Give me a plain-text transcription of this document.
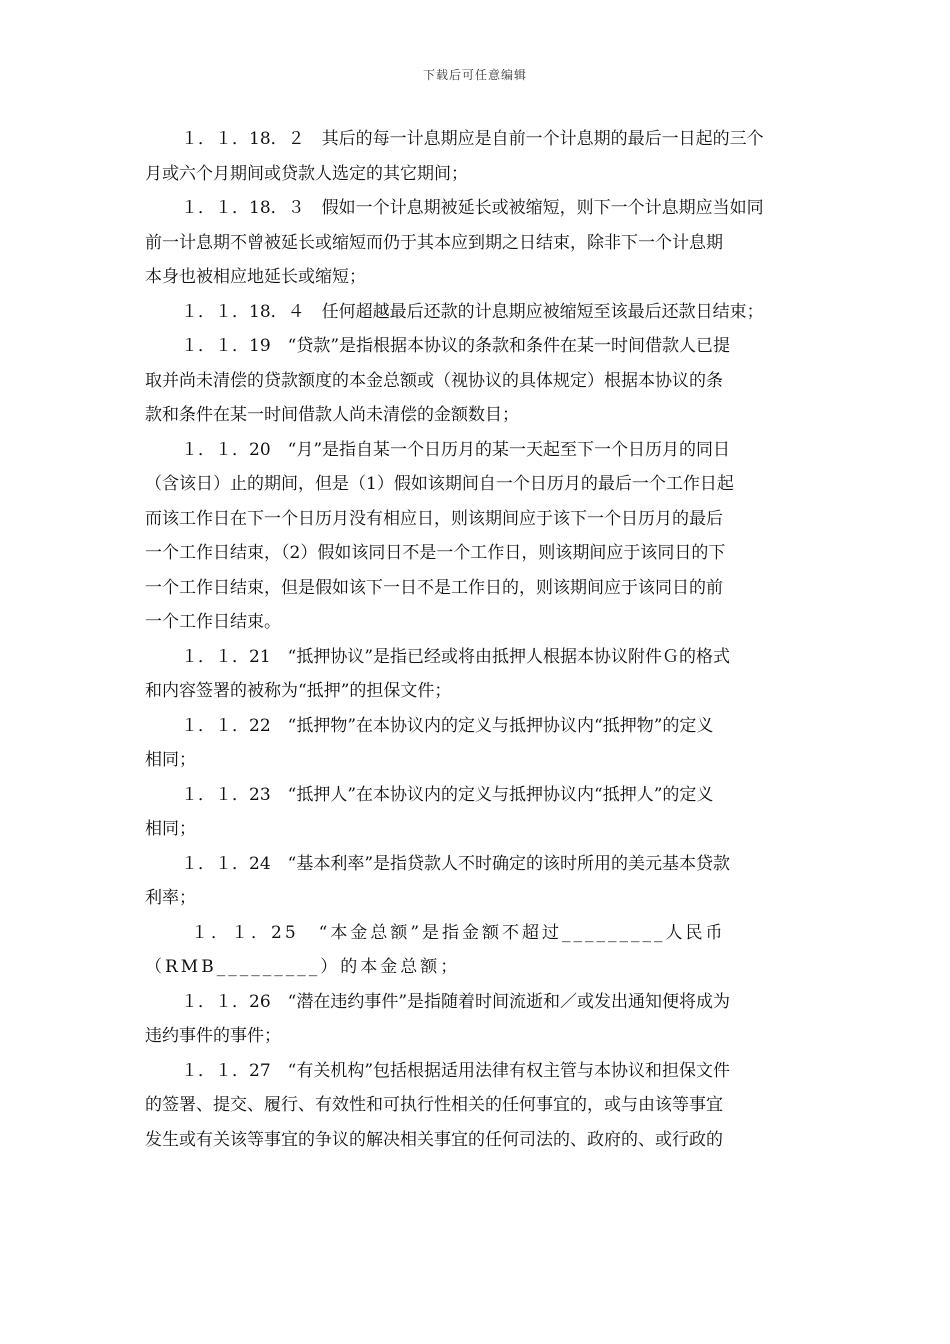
下载后可任意编辑

１．１．18．２　其后的每一计息期应是自前一个计息期的最后一日起的三个
月或六个月期间或贷款人选定的其它期间；

１．１．18．３　假如一个计息期被延长或被缩短，则下一个计息期应当如同
前一计息期不曾被延长或缩短而仍于其本应到期之日结束，除非下一个计息期
本身也被相应地延长或缩短；

１．１．18．４　任何超越最后还款的计息期应被缩短至该最后还款日结束；

１．１．19　“贷款”是指根据本协议的条款和条件在某一时间借款人已提
取并尚未清偿的贷款额度的本金总额或（视协议的具体规定）根据本协议的条
款和条件在某一时间借款人尚未清偿的金额数目；

１．１．20　“月”是指自某一个日历月的某一天起至下一个日历月的同日
（含该日）止的期间，但是（1）假如该期间自一个日历月的最后一个工作日起
而该工作日在下一个日历月没有相应日，则该期间应于该下一个日历月的最后
一个工作日结束，（2）假如该同日不是一个工作日，则该期间应于该同日的下
一个工作日结束，但是假如该下一日不是工作日的，则该期间应于该同日的前
一个工作日结束。

１．１．21　“抵押协议”是指已经或将由抵押人根据本协议附件Ｇ的格式
和内容签署的被称为“抵押”的担保文件；

１．１．22　“抵押物”在本协议内的定义与抵押协议内“抵押物”的定义
相同；

１．１．23　“抵押人”在本协议内的定义与抵押协议内“抵押人”的定义
相同；

１．１．24　“基本利率”是指贷款人不时确定的该时所用的美元基本贷款
利率；

１．１．25　“本金总额”是指金额不超过_________人民币
（RMB_________）的本金总额；

１．１．26　“潜在违约事件”是指随着时间流逝和／或发出通知便将成为
违约事件的事件；

１．１．27　“有关机构”包括根据适用法律有权主管与本协议和担保文件
的签署、提交、履行、有效性和可执行性相关的任何事宜的，或与由该等事宜
发生或有关该等事宜的争议的解决相关事宜的任何司法的、政府的、或行政的
